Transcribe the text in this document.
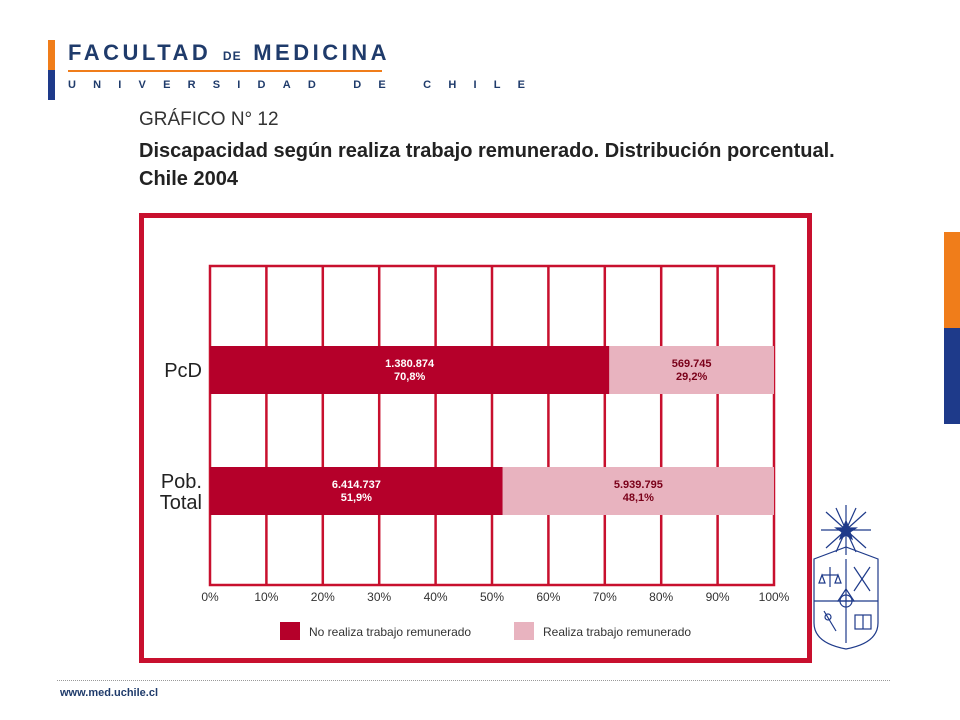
FACULTAD DE MEDICINA
UNIVERSIDAD DE CHILE
GRÁFICO N° 12
Discapacidad según realiza trabajo remunerado. Distribución porcentual.
Chile 2004
0%	10%	20%	30%	40%	50%	60%	70%	80%	90% 100%
1.380.874
70,8%
569.745
29,2%
PcD
6.414.737
51,9%
5.939.795
48,1%
Pob.
Total
No realiza trabajo remunerado	Realiza trabajo remunerado
www.med.uchile.cl
